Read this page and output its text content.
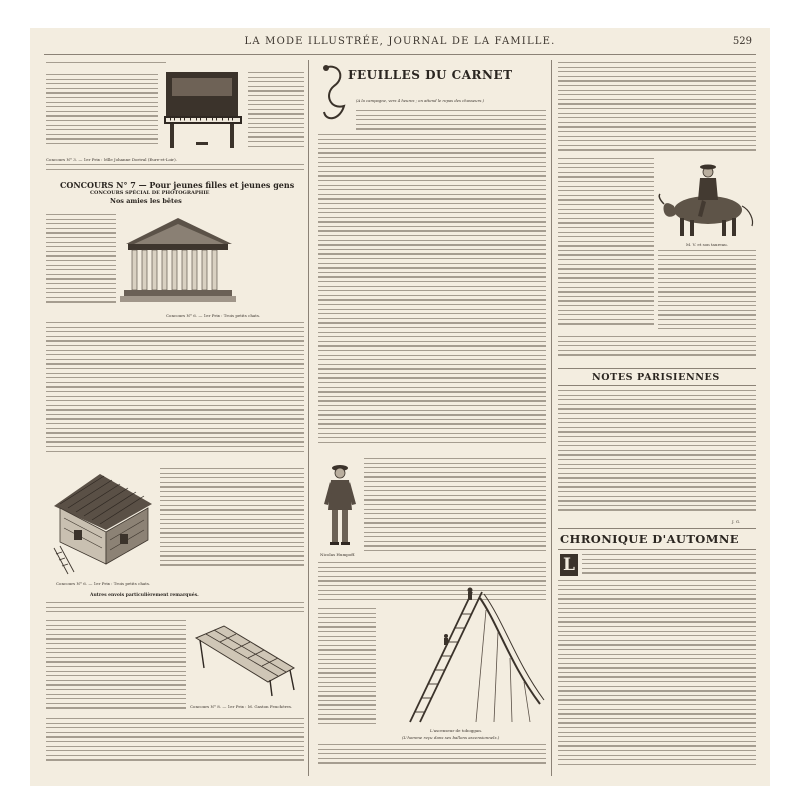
LA MODE ILLUSTRÉE, JOURNAL DE LA FAMILLE.	529
Concours N° 3. — 1er Prix : Mlle Johanne Dorival (Eure-et-Loir).
CONCOURS N° 7 — Pour jeunes filles et jeunes gens
CONCOURS SPÉCIAL DE PHOTOGRAPHIE
Nos amies les bêtes
Concours N° 6. — 1er Prix : Trois petits chats.
Concours N° 6. — 1er Prix : Trois petits chats.
Autres envois particulièrement remarqués.
Concours N° 8. — 1er Prix : M. Gaston Feuchères.
FEUILLES DU CARNET
(A la campagne, vers 4 heures ; on attend le repas des chasseurs.)
Nicolas Humpoff.
L'ascenseur de toboggan.
(L'homme reçu dans ses ballons ascensionnels.)
M. V. et son taureau.
NOTES PARISIENNES
J. G.
CHRONIQUE D'AUTOMNE
L
